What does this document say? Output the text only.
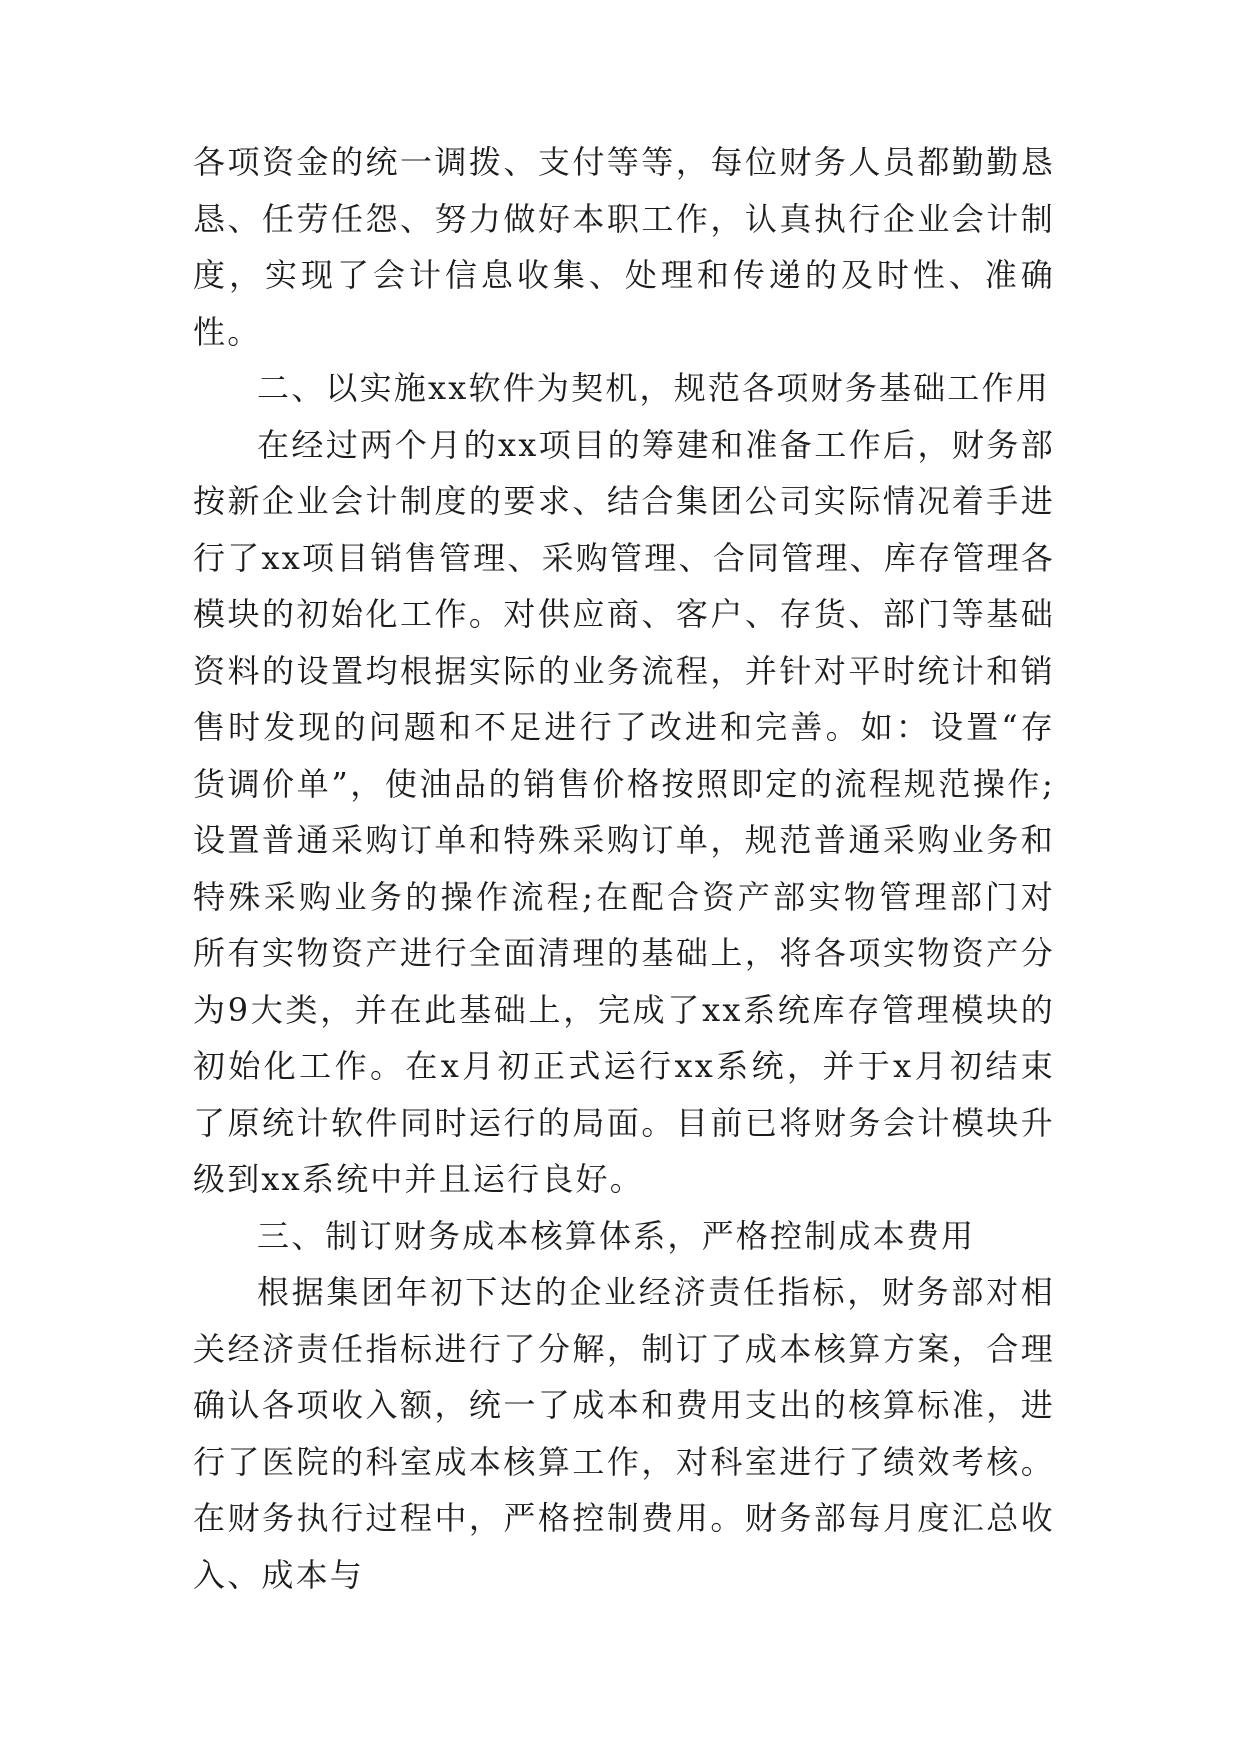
各项资金的统一调拨、支付等等，每位财务人员都勤勤恳恳、任劳任怨、努力做好本职工作，认真执行企业会计制度，实现了会计信息收集、处理和传递的及时性、准确性。

二、以实施xx软件为契机，规范各项财务基础工作用

在经过两个月的xx项目的筹建和准备工作后，财务部按新企业会计制度的要求、结合集团公司实际情况着手进行了xx项目销售管理、采购管理、合同管理、库存管理各模块的初始化工作。对供应商、客户、存货、部门等基础资料的设置均根据实际的业务流程，并针对平时统计和销售时发现的问题和不足进行了改进和完善。如：设置“存货调价单”，使油品的销售价格按照即定的流程规范操作;设置普通采购订单和特殊采购订单，规范普通采购业务和特殊采购业务的操作流程;在配合资产部实物管理部门对所有实物资产进行全面清理的基础上，将各项实物资产分为9大类，并在此基础上，完成了xx系统库存管理模块的初始化工作。在x月初正式运行xx系统，并于x月初结束了原统计软件同时运行的局面。目前已将财务会计模块升级到xx系统中并且运行良好。

三、制订财务成本核算体系，严格控制成本费用

根据集团年初下达的企业经济责任指标，财务部对相关经济责任指标进行了分解，制订了成本核算方案，合理确认各项收入额，统一了成本和费用支出的核算标准，进行了医院的科室成本核算工作，对科室进行了绩效考核。在财务执行过程中，严格控制费用。财务部每月度汇总收入、成本与
